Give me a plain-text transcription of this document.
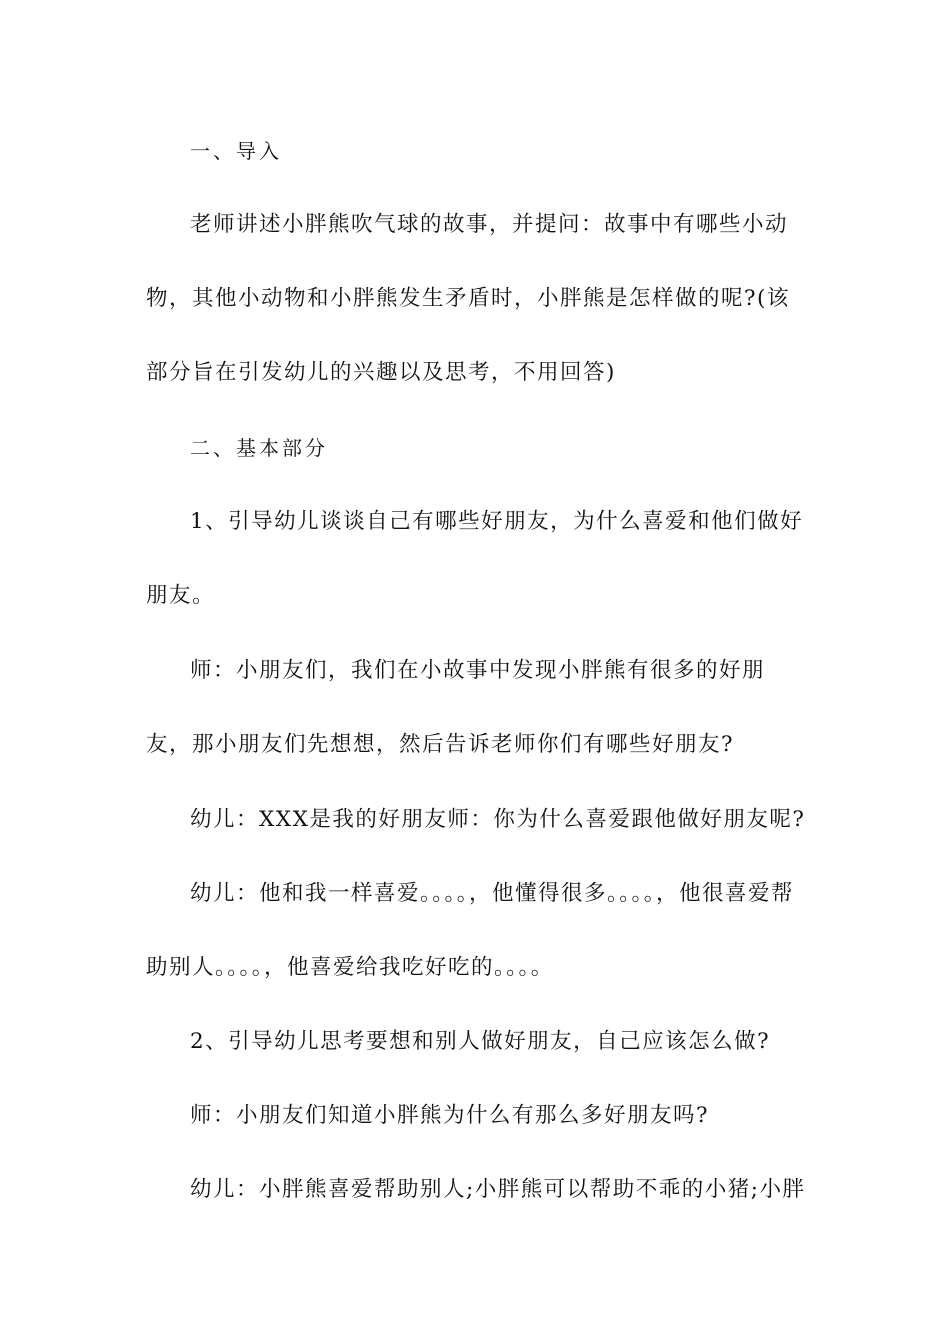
一、导入

老师讲述小胖熊吹气球的故事，并提问：故事中有哪些小动物，其他小动物和小胖熊发生矛盾时，小胖熊是怎样做的呢?(该部分旨在引发幼儿的兴趣以及思考，不用回答)

二、基本部分

1、引导幼儿谈谈自己有哪些好朋友，为什么喜爱和他们做好朋友。

师：小朋友们，我们在小故事中发现小胖熊有很多的好朋友，那小朋友们先想想，然后告诉老师你们有哪些好朋友?

幼儿：XXX是我的好朋友师：你为什么喜爱跟他做好朋友呢?

幼儿：他和我一样喜爱。。。。，他懂得很多。。。。，他很喜爱帮助别人。。。。，他喜爱给我吃好吃的。。。。

2、引导幼儿思考要想和别人做好朋友，自己应该怎么做?

师：小朋友们知道小胖熊为什么有那么多好朋友吗?

幼儿：小胖熊喜爱帮助别人;小胖熊可以帮助不乖的小猪;小胖
